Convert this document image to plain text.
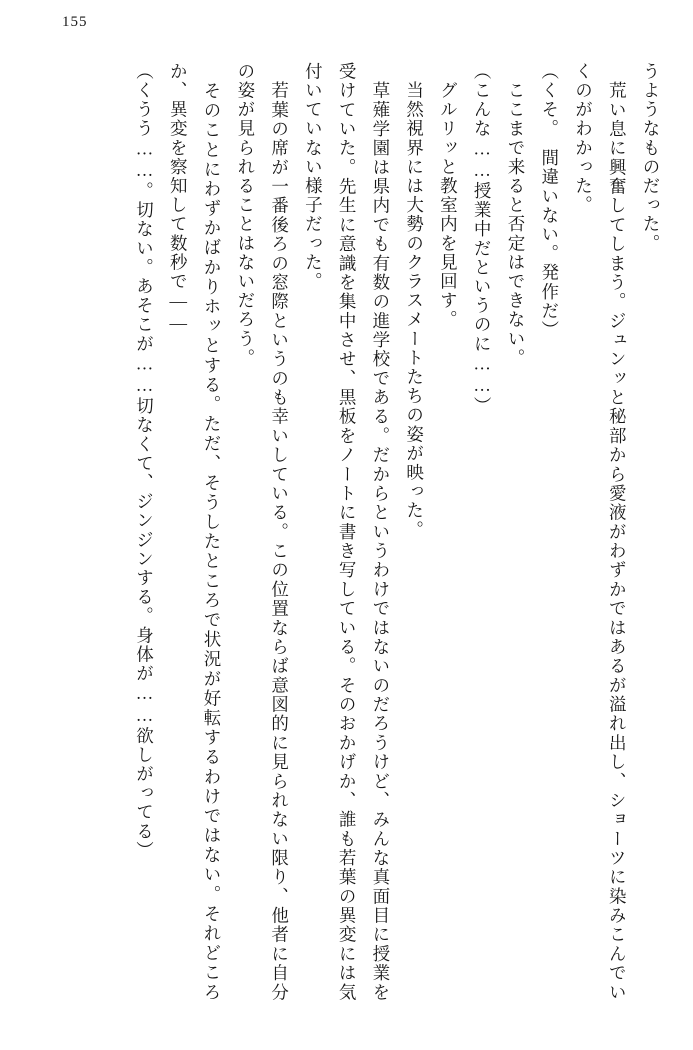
155

うようなものだった。

　荒い息に興奮してしまう。ジュンッと秘部から愛液がわずかではあるが溢れ出し、ショーツに染みこんでいくのがわかった。

（くそ。　間違いない。発作だ）

　ここまで来ると否定はできない。

（こんな……授業中だというのに……）

　グルリッと教室内を見回す。

　当然視界には大勢のクラスメートたちの姿が映った。

　草薙学園は県内でも有数の進学校である。だからというわけではないのだろうけど、みんな真面目に授業を受けていた。先生に意識を集中させ、黒板をノートに書き写している。そのおかげか、誰も若葉の異変には気付いていない様子だった。

　若葉の席が一番後ろの窓際というのも幸いしている。この位置ならば意図的に見られない限り、他者に自分の姿が見られることはないだろう。

　そのことにわずかばかりホッとする。ただ、そうしたところで状況が好転するわけではない。それどころか、異変を察知して数秒で――

（くうう……。切ない。あそこが……切なくて、ジンジンする。身体が……欲しがってる）
